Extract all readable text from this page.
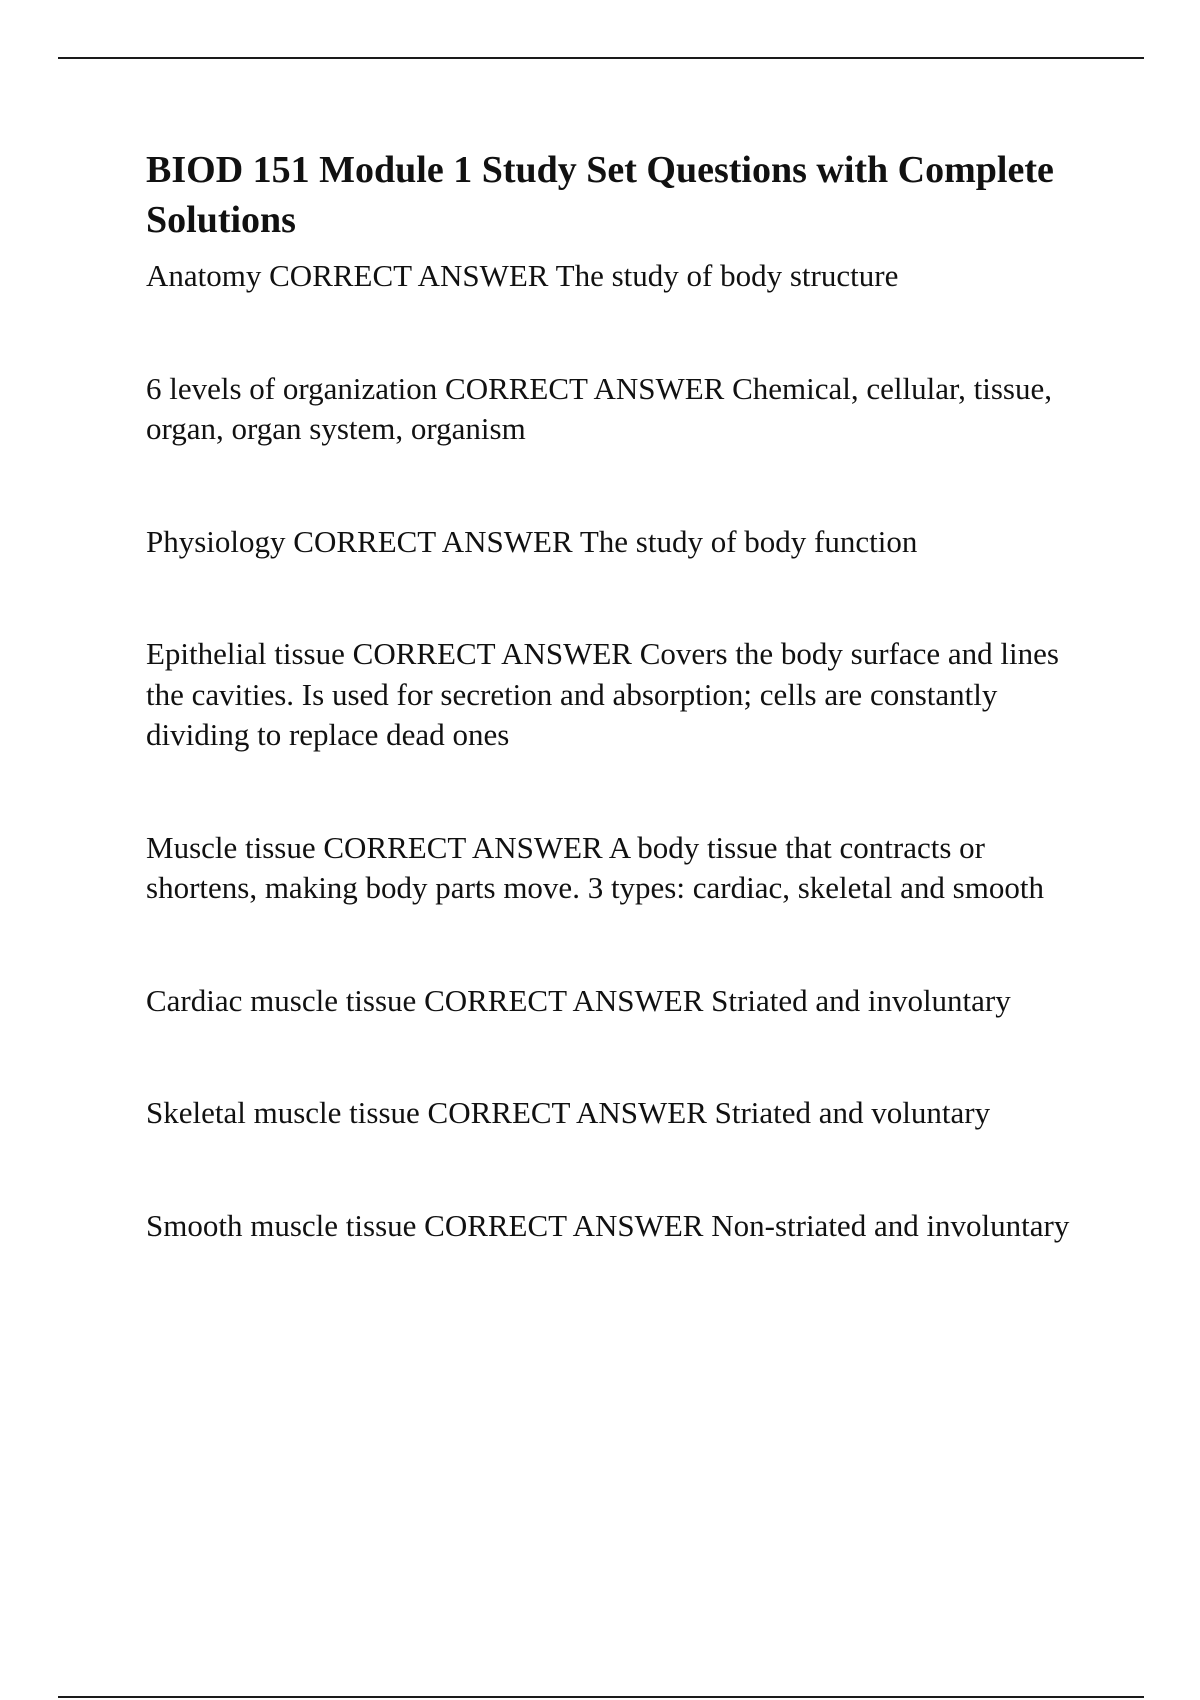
BIOD 151 Module 1 Study Set Questions with Complete Solutions

Anatomy CORRECT ANSWER The study of body structure

6 levels of organization CORRECT ANSWER Chemical, cellular, tissue, organ, organ system, organism

Physiology CORRECT ANSWER The study of body function

Epithelial tissue CORRECT ANSWER Covers the body surface and lines the cavities. Is used for secretion and absorption; cells are constantly dividing to replace dead ones

Muscle tissue CORRECT ANSWER A body tissue that contracts or shortens, making body parts move. 3 types: cardiac, skeletal and smooth

Cardiac muscle tissue CORRECT ANSWER Striated and involuntary

Skeletal muscle tissue CORRECT ANSWER Striated and voluntary

Smooth muscle tissue CORRECT ANSWER Non-striated and involuntary
